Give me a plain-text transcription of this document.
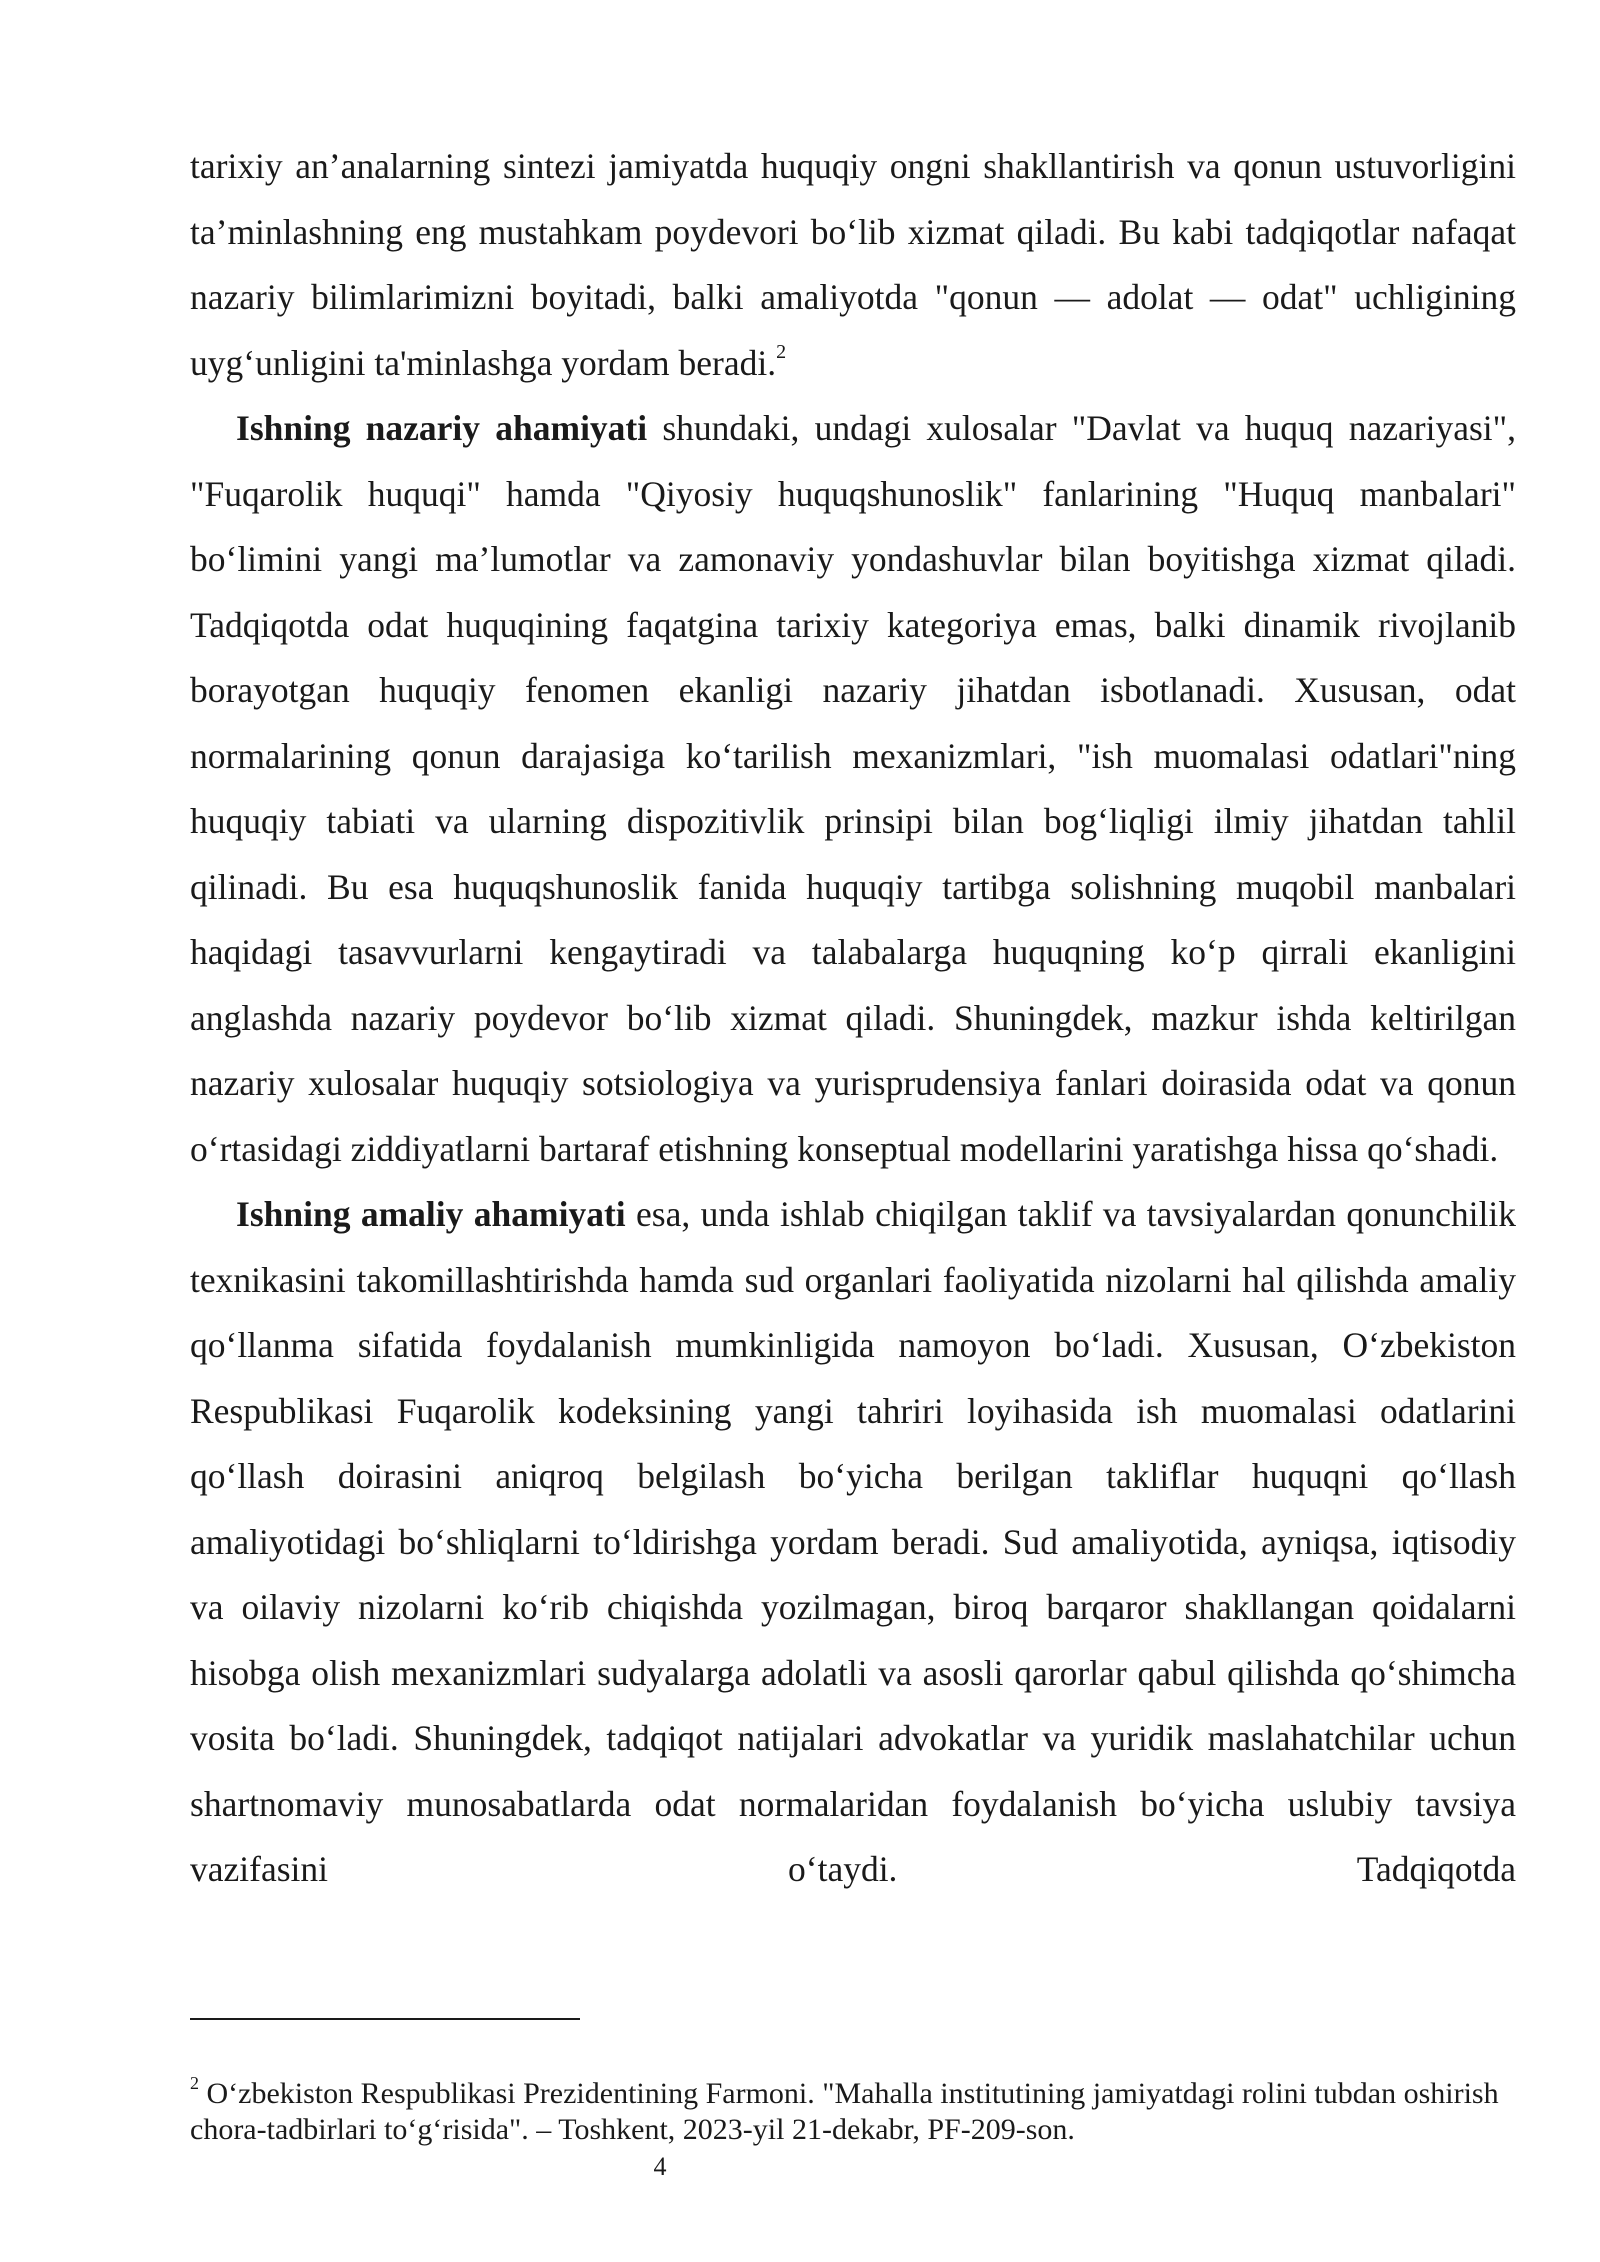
tarixiy an’analarning sintezi jamiyatda huquqiy ongni shakllantirish va qonun ustuvorligini ta’minlashning eng mustahkam poydevori bo‘lib xizmat qiladi. Bu kabi tadqiqotlar nafaqat nazariy bilimlarimizni boyitadi, balki amaliyotda "qonun — adolat — odat" uchligining uyg‘unligini ta'minlashga yordam beradi.$^2$

Ishning nazariy ahamiyati shundaki, undagi xulosalar "Davlat va huquq nazariyasi", "Fuqarolik huquqi" hamda "Qiyosiy huquqshunoslik" fanlarining "Huquq manbalari" bo‘limini yangi ma’lumotlar va zamonaviy yondashuvlar bilan boyitishga xizmat qiladi. Tadqiqotda odat huquqining faqatgina tarixiy kategoriya emas, balki dinamik rivojlanib borayotgan huquqiy fenomen ekanligi nazariy jihatdan isbotlanadi. Xususan, odat normalarining qonun darajasiga ko‘tarilish mexanizmlari, "ish muomalasi odatlari"ning huquqiy tabiati va ularning dispozitivlik prinsipi bilan bog‘liqligi ilmiy jihatdan tahlil qilinadi. Bu esa huquqshunoslik fanida huquqiy tartibga solishning muqobil manbalari haqidagi tasavvurlarni kengaytiradi va talabalarga huquqning ko‘p qirrali ekanligini anglashda nazariy poydevor bo‘lib xizmat qiladi. Shuningdek, mazkur ishda keltirilgan nazariy xulosalar huquqiy sotsiologiya va yurisprudensiya fanlari doirasida odat va qonun o‘rtasidagi ziddiyatlarni bartaraf etishning konseptual modellarini yaratishga hissa qo‘shadi.

Ishning amaliy ahamiyati esa, unda ishlab chiqilgan taklif va tavsiyalardan qonunchilik texnikasini takomillashtirishda hamda sud organlari faoliyatida nizolarni hal qilishda amaliy qo‘llanma sifatida foydalanish mumkinligida namoyon bo‘ladi. Xususan, O‘zbekiston Respublikasi Fuqarolik kodeksining yangi tahriri loyihasida ish muomalasi odatlarini qo‘llash doirasini aniqroq belgilash bo‘yicha berilgan takliflar huquqni qo‘llash amaliyotidagi bo‘shliqlarni to‘ldirishga yordam beradi. Sud amaliyotida, ayniqsa, iqtisodiy va oilaviy nizolarni ko‘rib chiqishda yozilmagan, biroq barqaror shakllangan qoidalarni hisobga olish mexanizmlari sudyalarga adolatli va asosli qarorlar qabul qilishda qo‘shimcha vosita bo‘ladi. Shuningdek, tadqiqot natijalari advokatlar va yuridik maslahatchilar uchun shartnomaviy munosabatlarda odat normalaridan foydalanish bo‘yicha uslubiy tavsiya vazifasini o‘taydi. Tadqiqotda

$^2$ O‘zbekiston Respublikasi Prezidentining Farmoni. "Mahalla institutining jamiyatdagi rolini tubdan oshirish chora-tadbirlari to‘g‘risida". – Toshkent, 2023-yil 21-dekabr, PF-209-son.

4
